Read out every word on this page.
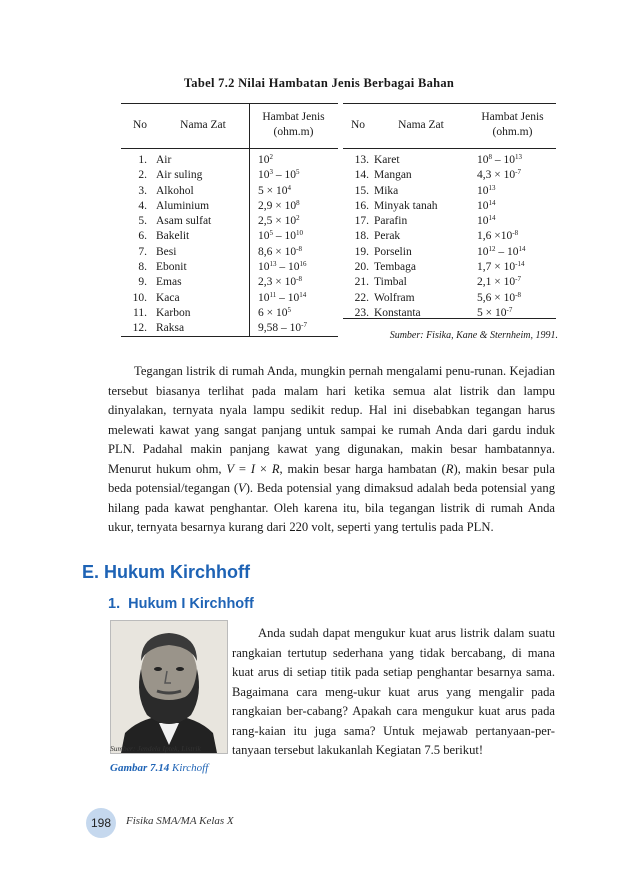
Tabel 7.2 Nilai Hambatan Jenis Berbagai Bahan
No	Nama Zat
Hambat Jenis
(ohm.m)
1. Air	$10^2$
2. Air suling	$10^3 - 10^5$
3. Alkohol	$5 \times 10^4$
4. Aluminium	$2,9 \times 10^8$
5. Asam sulfat	$2,5 \times 10^2$
6. Bakelit	$10^5 - 10^{10}$
7. Besi	$8,6 \times 10^{-8}$
8. Ebonit	$10^{13} - 10^{16}$
9. Emas	$2,3 \times 10^{-8}$
10. Kaca	$10^{11} - 10^{14}$
11. Karbon	$6 \times 10^5$
12. Raksa	$9,58 - 10^{-7}$
No	Nama Zat
Hambat Jenis
(ohm.m)
13. Karet	$10^8 - 10^{13}$
14. Mangan	$4,3 \times 10^{-7}$
15. Mika	$10^{13}$
16. Minyak tanah	$10^{14}$
17. Parafin	$10^{14}$
18. Perak	$1,6 \times 10^{-8}$
19. Porselin	$10^{12} - 10^{14}$
20. Tembaga	$1,7 \times 10^{-14}$
21. Timbal	$2,1 \times 10^{-7}$
22. Wolfram	$5,6 \times 10^{-8}$
23. Konstanta	$5 \times 10^{-7}$
Sumber: Fisika, Kane & Sternheim, 1991.

Tegangan listrik di rumah Anda, mungkin pernah mengalami penu-runan. Kejadian tersebut biasanya terlihat pada malam hari ketika semua alat listrik dan lampu dinyalakan, ternyata nyala lampu sedikit redup. Hal ini disebabkan tegangan harus melewati kawat yang sangat panjang untuk sampai ke rumah Anda dari gardu induk PLN. Padahal makin panjang kawat yang digunakan, makin besar hambatannya. Menurut hukum ohm, V = I × R, makin besar harga hambatan (R), makin besar pula beda potensial/tegangan (V). Beda potensial yang dimaksud adalah beda potensial yang hilang pada kawat penghantar. Oleh karena itu, bila tegangan listrik di rumah Anda ukur, ternyata besarnya kurang dari 220 volt, seperti yang tertulis pada PLN.

E. Hukum Kirchhoff
1.  Hukum I Kirchhoff
Sumber: Jendela Iptek, Listrik
Gambar 7.14 Kirchoff

Anda sudah dapat mengukur kuat arus listrik dalam suatu rangkaian tertutup sederhana yang tidak bercabang, di mana kuat arus di setiap titik pada setiap penghantar besarnya sama. Bagaimana cara meng-ukur kuat arus yang mengalir pada rangkaian ber-cabang? Apakah cara mengukur kuat arus pada rang-kaian itu juga sama? Untuk mejawab pertanyaan-per-tanyaan tersebut lakukanlah Kegiatan 7.5 berikut!

198	Fisika SMA/MA Kelas X
